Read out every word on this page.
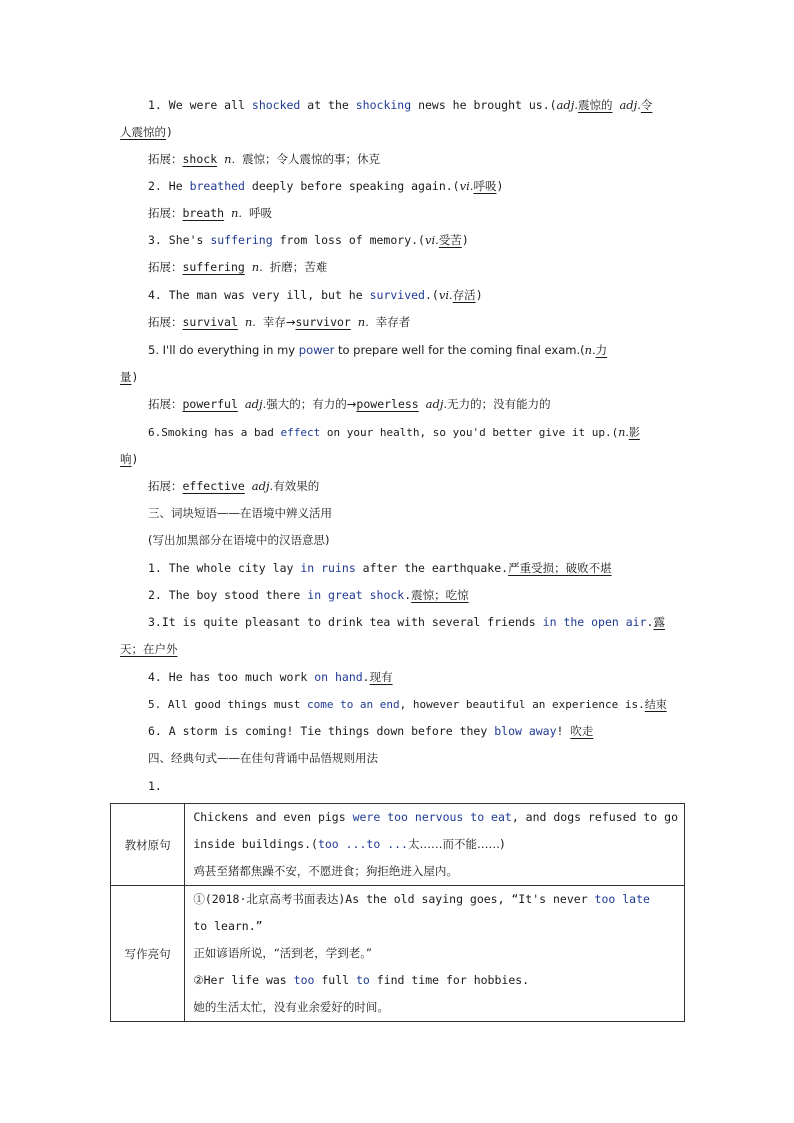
1. We were all shocked at the shocking news he brought us.(adj.震惊的 adj.令
人震惊的)
拓展：shock n. 震惊；令人震惊的事；休克
2. He breathed deeply before speaking again.(vi.呼吸)
拓展：breath n. 呼吸
3. She's suffering from loss of memory.(vi.受苦)
拓展：suffering n. 折磨；苦难
4. The man was very ill, but he survived.(vi.存活)
拓展：survival n. 幸存→survivor n. 幸存者
5. I'll do everything in my power to prepare well for the coming final exam.(n.力
量)
拓展：powerful adj.强大的；有力的→powerless adj.无力的；没有能力的
6.Smoking has a bad effect on your health, so you'd better give it up.(n.影
响)
拓展：effective adj.有效果的
三、词块短语——在语境中辨义活用
(写出加黑部分在语境中的汉语意思)
1. The whole city lay in ruins after the earthquake.严重受损；破败不堪
2. The boy stood there in great shock.震惊；吃惊
3.It is quite pleasant to drink tea with several friends in the open air.露
天；在户外
4. He has too much work on hand.现有
5. All good things must come to an end, however beautiful an experience is.结束
6. A storm is coming! Tie things down before they blow away! 吹走
四、经典句式——在佳句背诵中品悟规则用法
1.
教材原句	Chickens and even pigs were too nervous to eat, and dogs refused to go
inside buildings.(too ...to ...太……而不能……)
鸡甚至猪都焦躁不安，不愿进食；狗拒绝进入屋内。

写作亮句	①(2018·北京高考书面表达)As the old saying goes, “It's never too late
to learn.”
正如谚语所说，“活到老，学到老。”
②Her life was too full to find time for hobbies.
她的生活太忙，没有业余爱好的时间。
